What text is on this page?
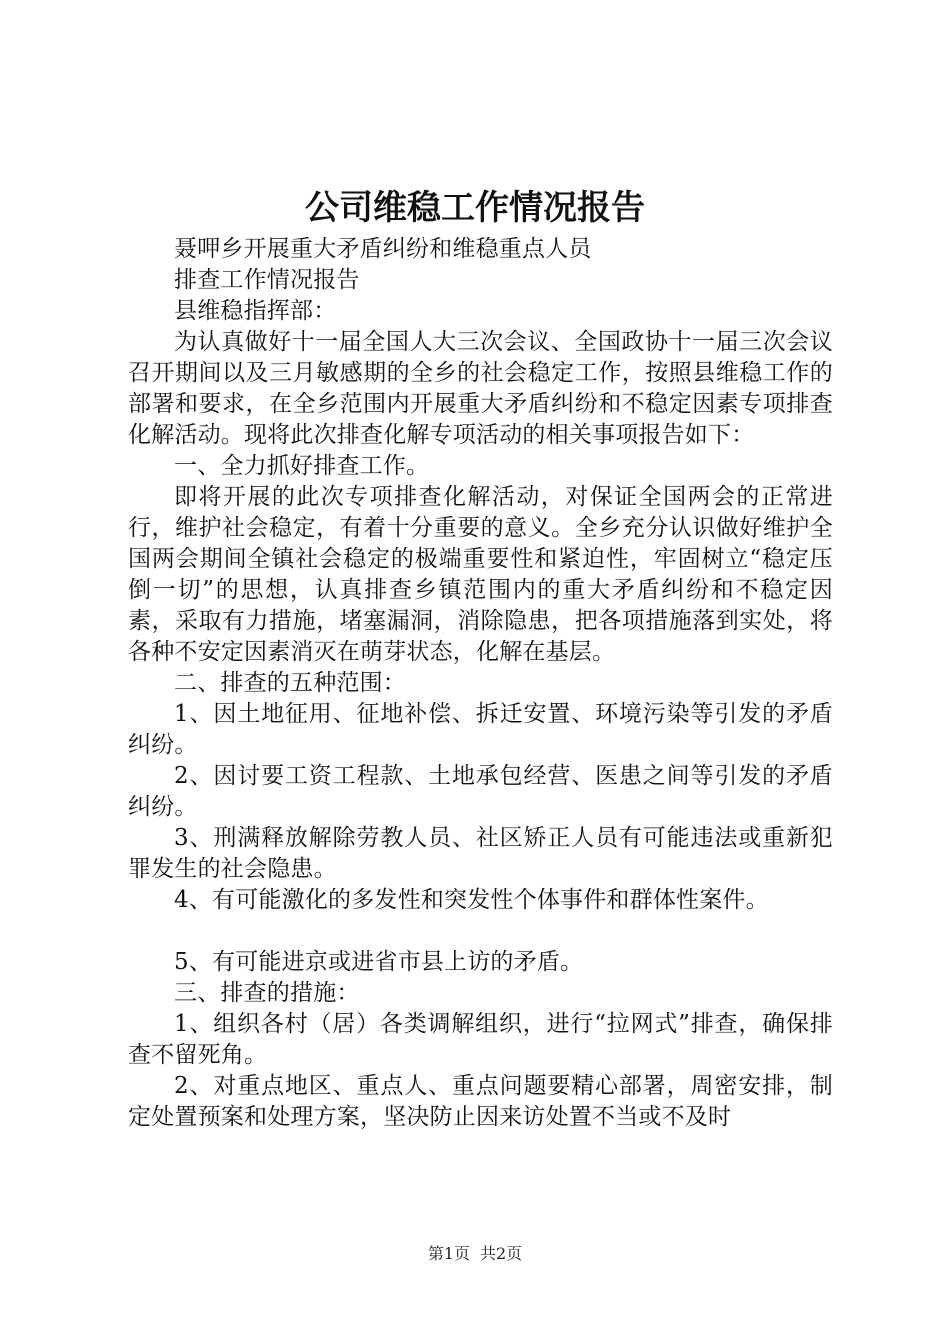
公司维稳工作情况报告

聂呷乡开展重大矛盾纠纷和维稳重点人员

排查工作情况报告

县维稳指挥部：

为认真做好十一届全国人大三次会议、全国政协十一届三次会议召开期间以及三月敏感期的全乡的社会稳定工作，按照县维稳工作的部署和要求，在全乡范围内开展重大矛盾纠纷和不稳定因素专项排查化解活动。现将此次排查化解专项活动的相关事项报告如下：

一、全力抓好排查工作。

即将开展的此次专项排查化解活动，对保证全国两会的正常进行，维护社会稳定，有着十分重要的意义。全乡充分认识做好维护全国两会期间全镇社会稳定的极端重要性和紧迫性，牢固树立“稳定压倒一切”的思想，认真排查乡镇范围内的重大矛盾纠纷和不稳定因素，采取有力措施，堵塞漏洞，消除隐患，把各项措施落到实处，将各种不安定因素消灭在萌芽状态，化解在基层。

二、排查的五种范围：

1、因土地征用、征地补偿、拆迁安置、环境污染等引发的矛盾纠纷。

2、因讨要工资工程款、土地承包经营、医患之间等引发的矛盾纠纷。

3、刑满释放解除劳教人员、社区矫正人员有可能违法或重新犯罪发生的社会隐患。

4、有可能激化的多发性和突发性个体事件和群体性案件。

5、有可能进京或进省市县上访的矛盾。

三、排查的措施：

1、组织各村（居）各类调解组织，进行“拉网式”排查，确保排查不留死角。

2、对重点地区、重点人、重点问题要精心部署，周密安排，制定处置预案和处理方案，坚决防止因来访处置不当或不及时

第1页 共2页
